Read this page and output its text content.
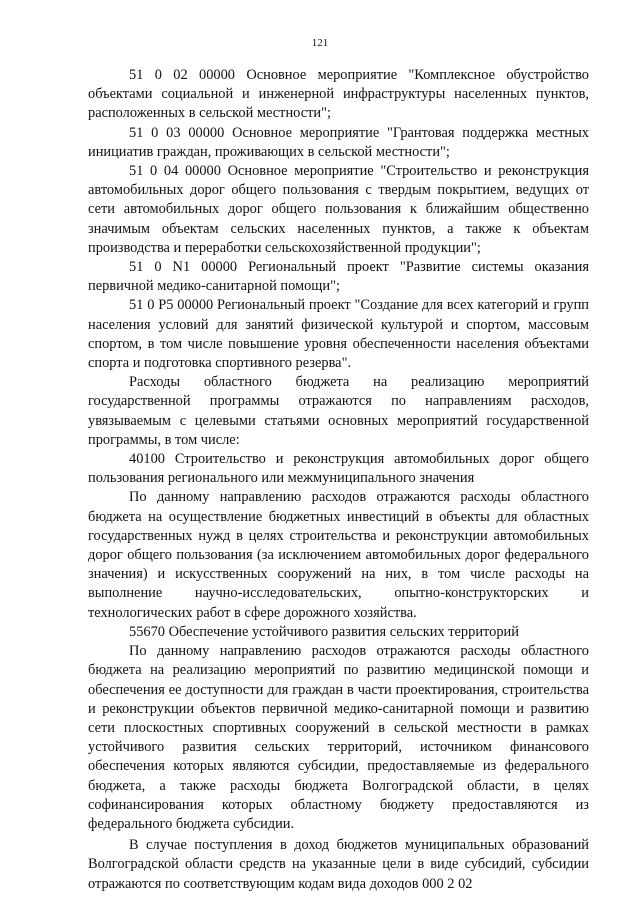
121

51 0 02 00000 Основное мероприятие "Комплексное обустройство объектами социальной и инженерной инфраструктуры населенных пунктов, расположенных в сельской местности";

51 0 03 00000 Основное мероприятие "Грантовая поддержка местных инициатив граждан, проживающих в сельской местности";

51 0 04 00000 Основное мероприятие "Строительство и реконструкция автомобильных дорог общего пользования с твердым покрытием, ведущих от сети автомобильных дорог общего пользования к ближайшим общественно значимым объектам сельских населенных пунктов, а также к объектам производства и переработки сельскохозяйственной продукции";

51 0 N1 00000 Региональный проект "Развитие системы оказания первичной медико-санитарной помощи";

51 0 P5 00000 Региональный проект "Создание для всех категорий и групп населения условий для занятий физической культурой и спортом, массовым спортом, в том числе повышение уровня обеспеченности населения объектами спорта и подготовка спортивного резерва".

Расходы областного бюджета на реализацию мероприятий государственной программы отражаются по направлениям расходов, увязываемым с целевыми статьями основных мероприятий государственной программы, в том числе:

40100 Строительство и реконструкция автомобильных дорог общего пользования регионального или межмуниципального значения

По данному направлению расходов отражаются расходы областного бюджета на осуществление бюджетных инвестиций в объекты для областных государственных нужд в целях строительства и реконструкции автомобильных дорог общего пользования (за исключением автомобильных дорог федерального значения) и искусственных сооружений на них, в том числе расходы на выполнение научно-исследовательских, опытно-конструкторских и технологических работ в сфере дорожного хозяйства.

55670 Обеспечение устойчивого развития сельских территорий

По данному направлению расходов отражаются расходы областного бюджета на реализацию мероприятий по развитию медицинской помощи и обеспечения ее доступности для граждан в части проектирования, строительства и реконструкции объектов первичной медико-санитарной помощи и развитию сети плоскостных спортивных сооружений в сельской местности в рамках устойчивого развития сельских территорий, источником финансового обеспечения которых являются субсидии, предоставляемые из федерального бюджета, а также расходы бюджета Волгоградской области, в целях софинансирования которых областному бюджету предоставляются из федерального бюджета субсидии.

В случае поступления в доход бюджетов муниципальных образований Волгоградской области средств на указанные цели в виде субсидий, субсидии отражаются по соответствующим кодам вида доходов 000 2 02
